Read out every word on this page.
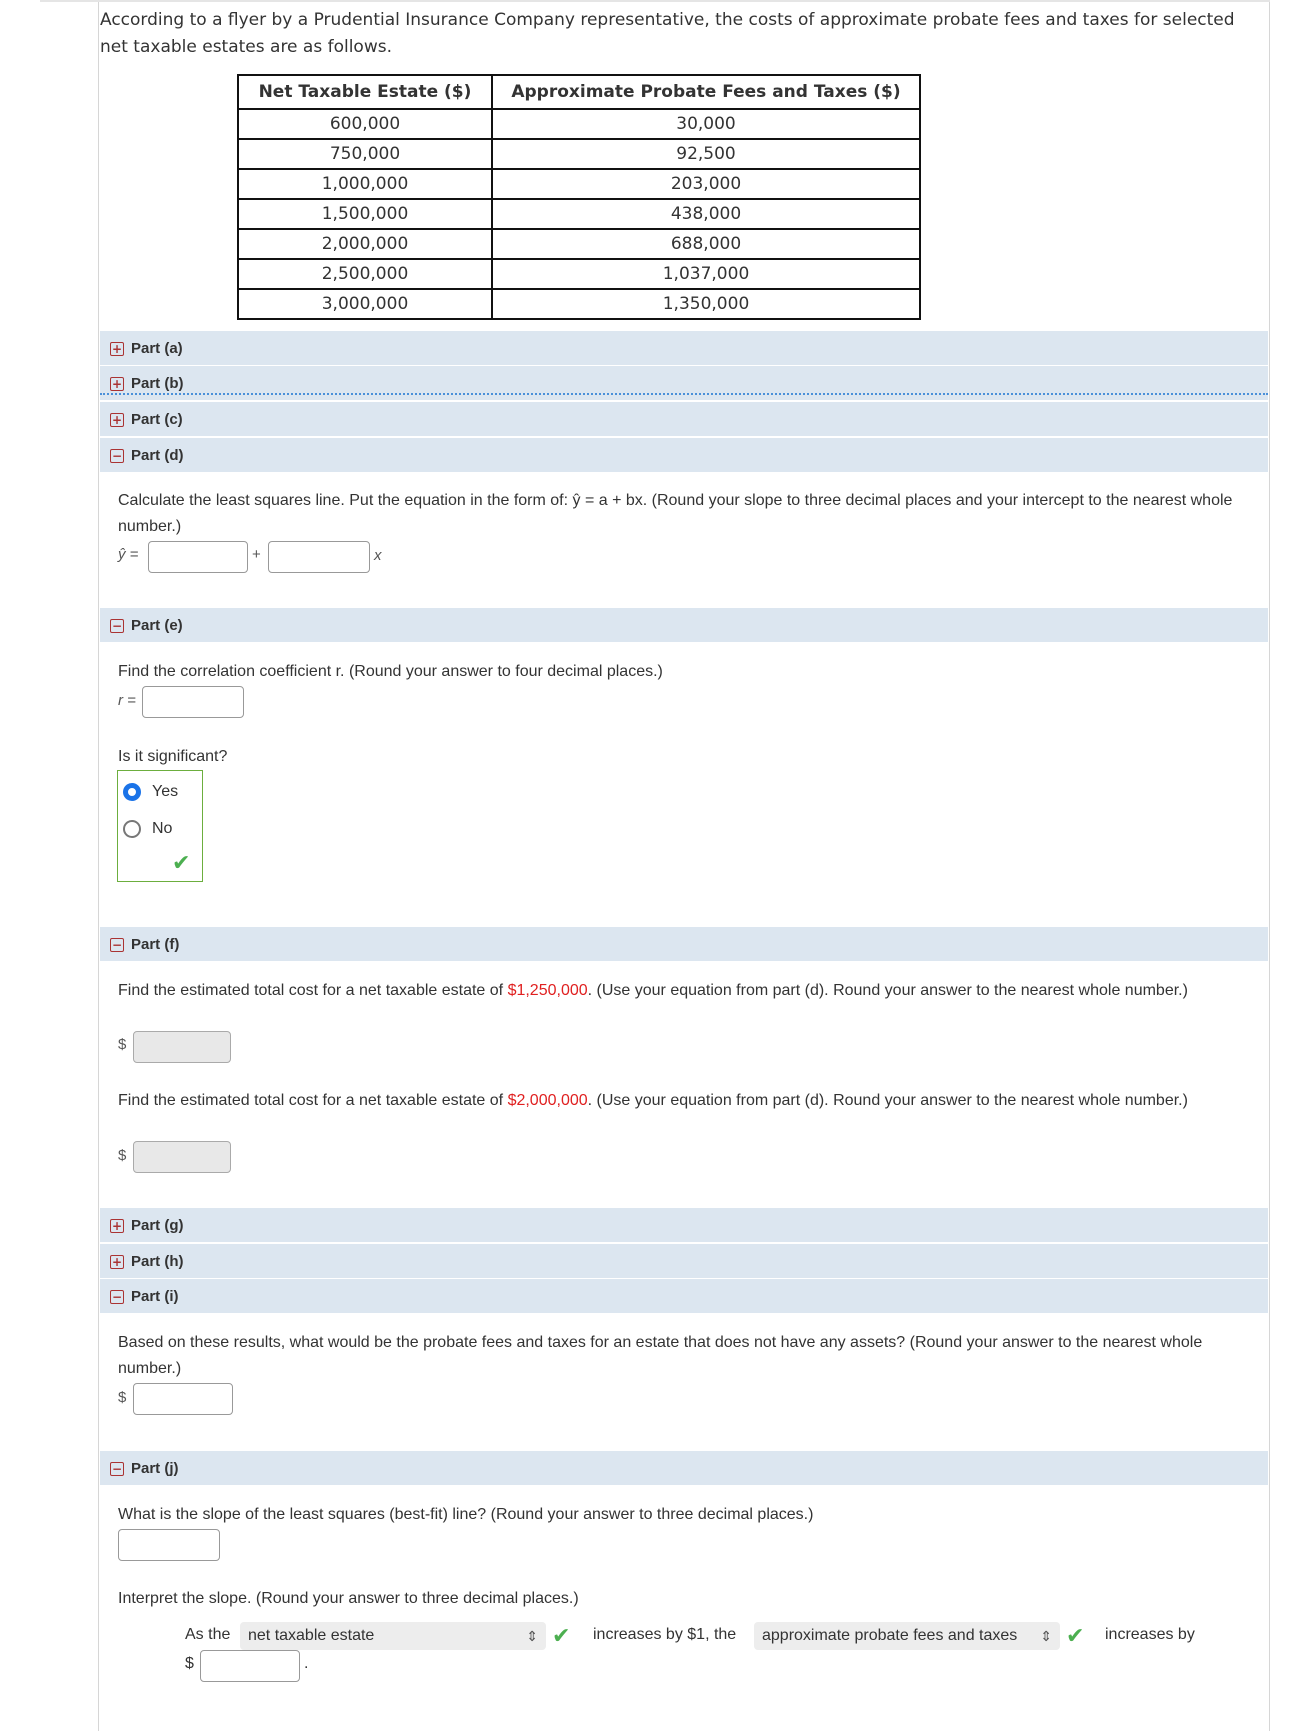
According to a flyer by a Prudential Insurance Company representative, the costs of approximate probate fees and taxes for selected net taxable estates are as follows.
Net Taxable Estate ($)	Approximate Probate Fees and Taxes ($)
600,000	30,000
750,000	92,500
1,000,000	203,000
1,500,000	438,000
2,000,000	688,000
2,500,000	1,037,000
3,000,000	1,350,000
+ Part (a)
+ Part (b)
+ Part (c)
− Part (d)
Calculate the least squares line. Put the equation in the form of: ŷ = a + bx. (Round your slope to three decimal places and your intercept to the nearest whole number.)
ŷ =	+	x
− Part (e)
Find the correlation coefficient r. (Round your answer to four decimal places.)
r =
Is it significant?
Yes
No
✔
− Part (f)
Find the estimated total cost for a net taxable estate of $1,250,000. (Use your equation from part (d). Round your answer to the nearest whole number.)
$
Find the estimated total cost for a net taxable estate of $2,000,000. (Use your equation from part (d). Round your answer to the nearest whole number.)
$
+ Part (g)
+ Part (h)
− Part (i)
Based on these results, what would be the probate fees and taxes for an estate that does not have any assets? (Round your answer to the nearest whole number.)
$
− Part (j)
What is the slope of the least squares (best-fit) line? (Round your answer to three decimal places.)
Interpret the slope. (Round your answer to three decimal places.)
As the	net taxable estate	⇕ ✔ increases by $1, the	approximate probate fees and taxes ⇕ ✔ increases by
$	.
